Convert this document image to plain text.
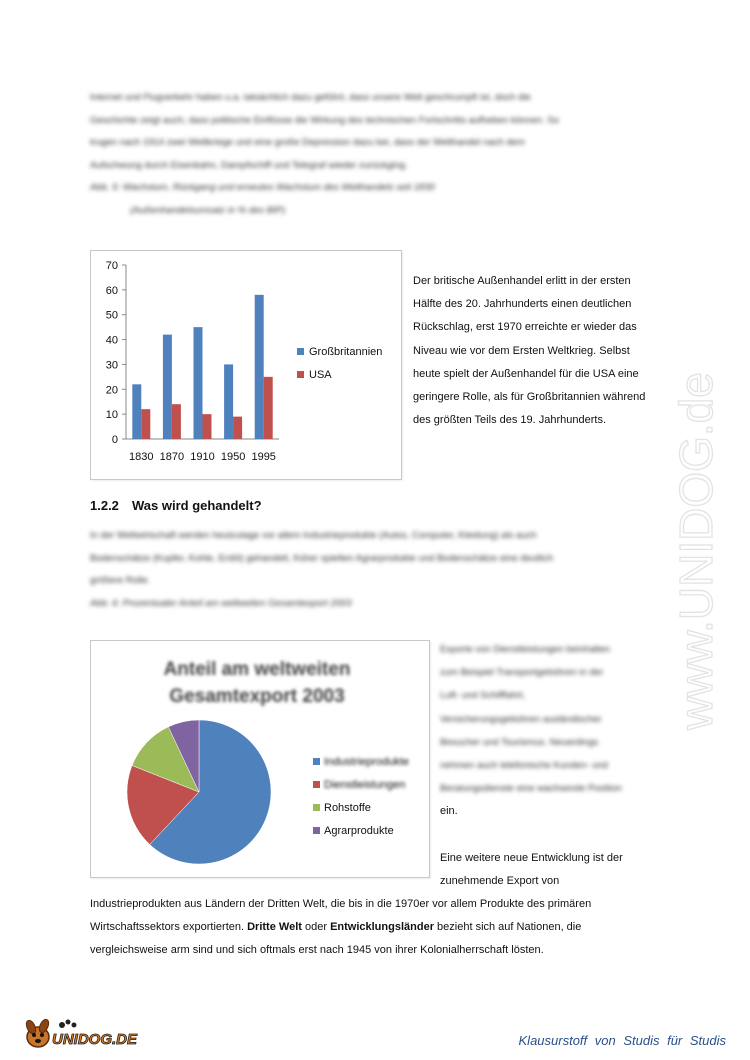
Internet und Flugverkehr haben u.a. tatsächlich dazu geführt, dass unsere Welt geschrumpft ist, doch die
Geschichte zeigt auch, dass politische Einflüsse die Wirkung des technischen Fortschritts aufheben können. So
trugen nach 1914 zwei Weltkriege und eine große Depression dazu bei, dass der Welthandel nach dem
Aufschwung durch Eisenbahn, Dampfschiff und Telegraf wieder zurückging.
Abb. 5: Wachstum, Rückgang und erneutes Wachstum des Welthandels seit 1830
(Außenhandelsumsatz in % des BIP)
0
10
20
30
40
50
60
70
1830 1870 1910 1950 1995
Großbritannien
USA
Der britische Außenhandel erlitt in der ersten
Hälfte des 20. Jahrhunderts einen deutlichen
Rückschlag, erst 1970 erreichte er wieder das
Niveau wie vor dem Ersten Weltkrieg. Selbst
heute spielt der Außenhandel für die USA eine
geringere Rolle, als für Großbritannien während
des größten Teils des 19. Jahrhunderts.
1.2.2 Was wird gehandelt?
In der Weltwirtschaft werden heutzutage vor allem Industrieprodukte (Autos, Computer, Kleidung) als auch
Bodenschätze (Kupfer, Kohle, Erdöl) gehandelt, früher spielten Agrarprodukte und Bodenschätze eine deutlich
größere Rolle.
Abb. 6: Prozentualer Anteil am weltweiten Gesamtexport 2003
Anteil am weltweiten
Gesamtexport 2003
Industrieprodukte
Dienstleistungen
Rohstoffe
Agrarprodukte
Exporte von Dienstleistungen beinhalten
zum Beispiel Transportgebühren in der
Luft- und Schifffahrt,
Versicherungsgebühren ausländischer
Besucher und Tourismus. Neuerdings
nehmen auch telefonische Kunden- und
Beratungsdienste eine wachsende Position
ein.
Eine weitere neue Entwicklung ist der
zunehmende Export von
Industrieprodukten aus Ländern der Dritten Welt, die bis in die 1970er vor allem Produkte des primären
Wirtschaftssektors exportierten. Dritte Welt oder Entwicklungsländer bezieht sich auf Nationen, die
vergleichsweise arm sind und sich oftmals erst nach 1945 von ihrer Kolonialherrschaft lösten.
www.UNIDOG.de
UNIDOG.DE	Klausurstoff von Studis für Studis
